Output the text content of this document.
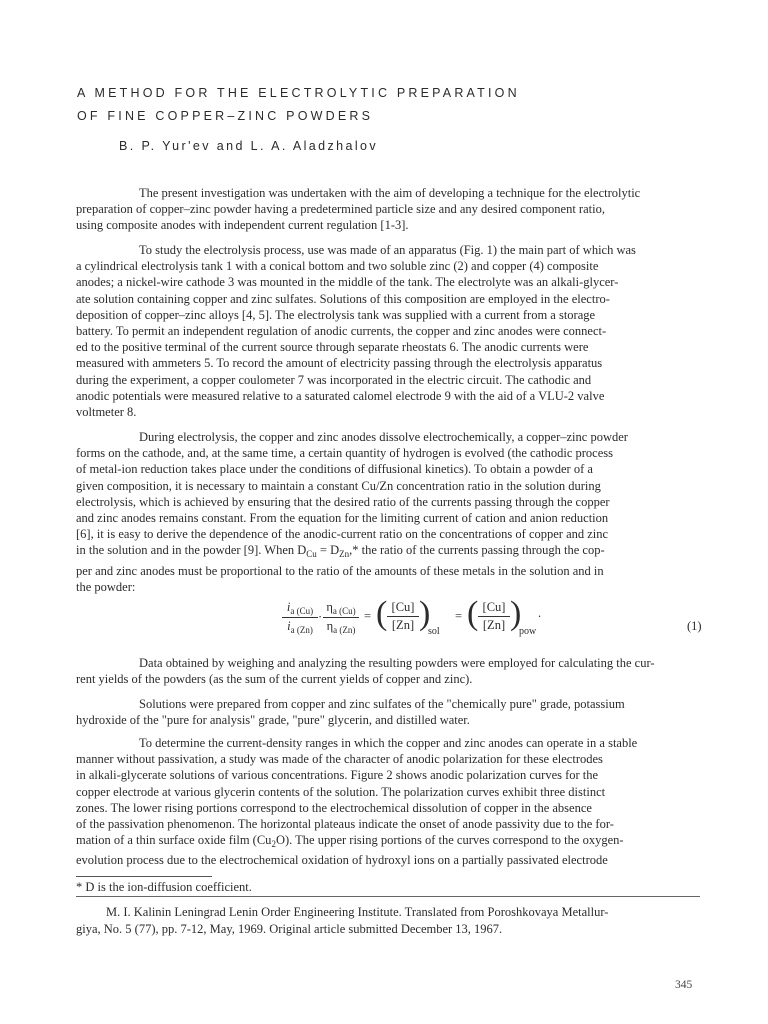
A METHOD FOR THE ELECTROLYTIC PREPARATION
OF FINE COPPER–ZINC POWDERS
B. P. Yur'ev and L. A. Aladzhalov
The present investigation was undertaken with the aim of developing a technique for the electrolytic
preparation of copper–zinc powder having a predetermined particle size and any desired component ratio,
using composite anodes with independent current regulation [1-3].
To study the electrolysis process, use was made of an apparatus (Fig. 1) the main part of which was
a cylindrical electrolysis tank 1 with a conical bottom and two soluble zinc (2) and copper (4) composite
anodes; a nickel-wire cathode 3 was mounted in the middle of the tank. The electrolyte was an alkali-glycer-
ate solution containing copper and zinc sulfates. Solutions of this composition are employed in the electro-
deposition of copper–zinc alloys [4, 5]. The electrolysis tank was supplied with a current from a storage
battery. To permit an independent regulation of anodic currents, the copper and zinc anodes were connect-
ed to the positive terminal of the current source through separate rheostats 6. The anodic currents were
measured with ammeters 5. To record the amount of electricity passing through the electrolysis apparatus
during the experiment, a copper coulometer 7 was incorporated in the electric circuit. The cathodic and
anodic potentials were measured relative to a saturated calomel electrode 9 with the aid of a VLU-2 valve
voltmeter 8.
During electrolysis, the copper and zinc anodes dissolve electrochemically, a copper–zinc powder
forms on the cathode, and, at the same time, a certain quantity of hydrogen is evolved (the cathodic process
of metal-ion reduction takes place under the conditions of diffusional kinetics). To obtain a powder of a
given composition, it is necessary to maintain a constant Cu/Zn concentration ratio in the solution during
electrolysis, which is achieved by ensuring that the desired ratio of the currents passing through the copper
and zinc anodes remains constant. From the equation for the limiting current of cation and anion reduction
[6], it is easy to derive the dependence of the anodic-current ratio on the concentrations of copper and zinc
in the solution and in the powder [9]. When $D_{Cu} = D_{Zn},*$ the ratio of the currents passing through the cop-
per and zinc anodes must be proportional to the ratio of the amounts of these metals in the solution and in
the powder:
$i_{a (Cu)}$
$i_{a (Zn)}$
·
$\eta_{a (Cu)}$
$\eta_{a (Zn)}$
= ( [Cu]
[Zn] )
sol
= ( [Cu]
[Zn] )
pow
.
(1)
Data obtained by weighing and analyzing the resulting powders were employed for calculating the cur-
rent yields of the powders (as the sum of the current yields of copper and zinc).
Solutions were prepared from copper and zinc sulfates of the "chemically pure" grade, potassium
hydroxide of the "pure for analysis" grade, "pure" glycerin, and distilled water.
To determine the current-density ranges in which the copper and zinc anodes can operate in a stable
manner without passivation, a study was made of the character of anodic polarization for these electrodes
in alkali-glycerate solutions of various concentrations. Figure 2 shows anodic polarization curves for the
copper electrode at various glycerin contents of the solution. The polarization curves exhibit three distinct
zones. The lower rising portions correspond to the electrochemical dissolution of copper in the absence
of the passivation phenomenon. The horizontal plateaus indicate the onset of anode passivity due to the for-
mation of a thin surface oxide film $(Cu_2O)$. The upper rising portions of the curves correspond to the oxygen-
evolution process due to the electrochemical oxidation of hydroxyl ions on a partially passivated electrode
* D is the ion-diffusion coefficient.
M. I. Kalinin Leningrad Lenin Order Engineering Institute. Translated from Poroshkovaya Metallur-
giya, No. 5 (77), pp. 7-12, May, 1969. Original article submitted December 13, 1967.
345
